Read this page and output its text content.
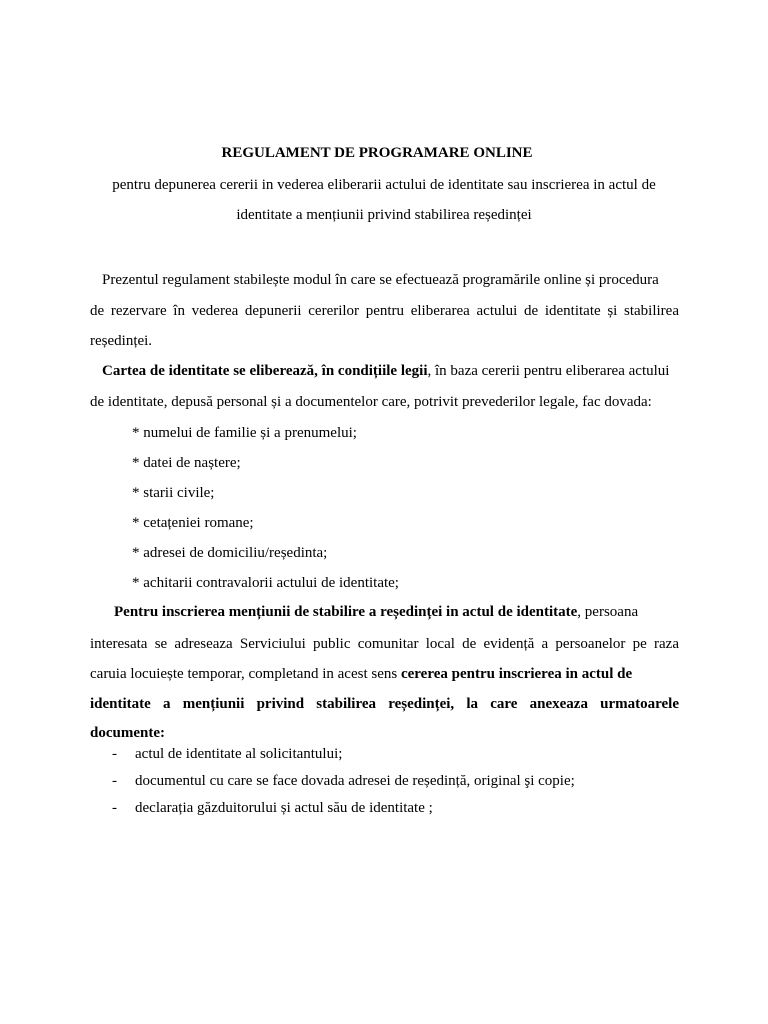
REGULAMENT DE PROGRAMARE ONLINE
pentru depunerea cererii in vederea eliberarii actului de identitate sau inscrierea in actul de
identitate a mențiunii privind stabilirea reședinței
Prezentul regulament stabilește modul în care se efectuează programările online și procedura
de rezervare în vederea depunerii cererilor pentru eliberarea actului de identitate și stabilirea
reședinței.
Cartea de identitate se eliberează, în condițiile legii, în baza cererii pentru eliberarea actului
de identitate, depusă personal și a documentelor care, potrivit prevederilor legale, fac dovada:
* numelui de familie și a prenumelui;
* datei de naștere;
* starii civile;
* cetațeniei romane;
* adresei de domiciliu/reședinta;
* achitarii contravalorii actului de identitate;
Pentru inscrierea mențiunii de stabilire a reședinței in actul de identitate, persoana
interesata se adreseaza Serviciului public comunitar local de evidență a persoanelor pe raza
caruia locuiește temporar, completand in acest sens cererea pentru inscrierea in actul de
identitate a mențiunii privind stabilirea reședinței, la care anexeaza urmatoarele
documente:
- actul de identitate al solicitantului;
- documentul cu care se face dovada adresei de reședință, original şi copie;
- declarația găzduitorului și actul său de identitate ;
